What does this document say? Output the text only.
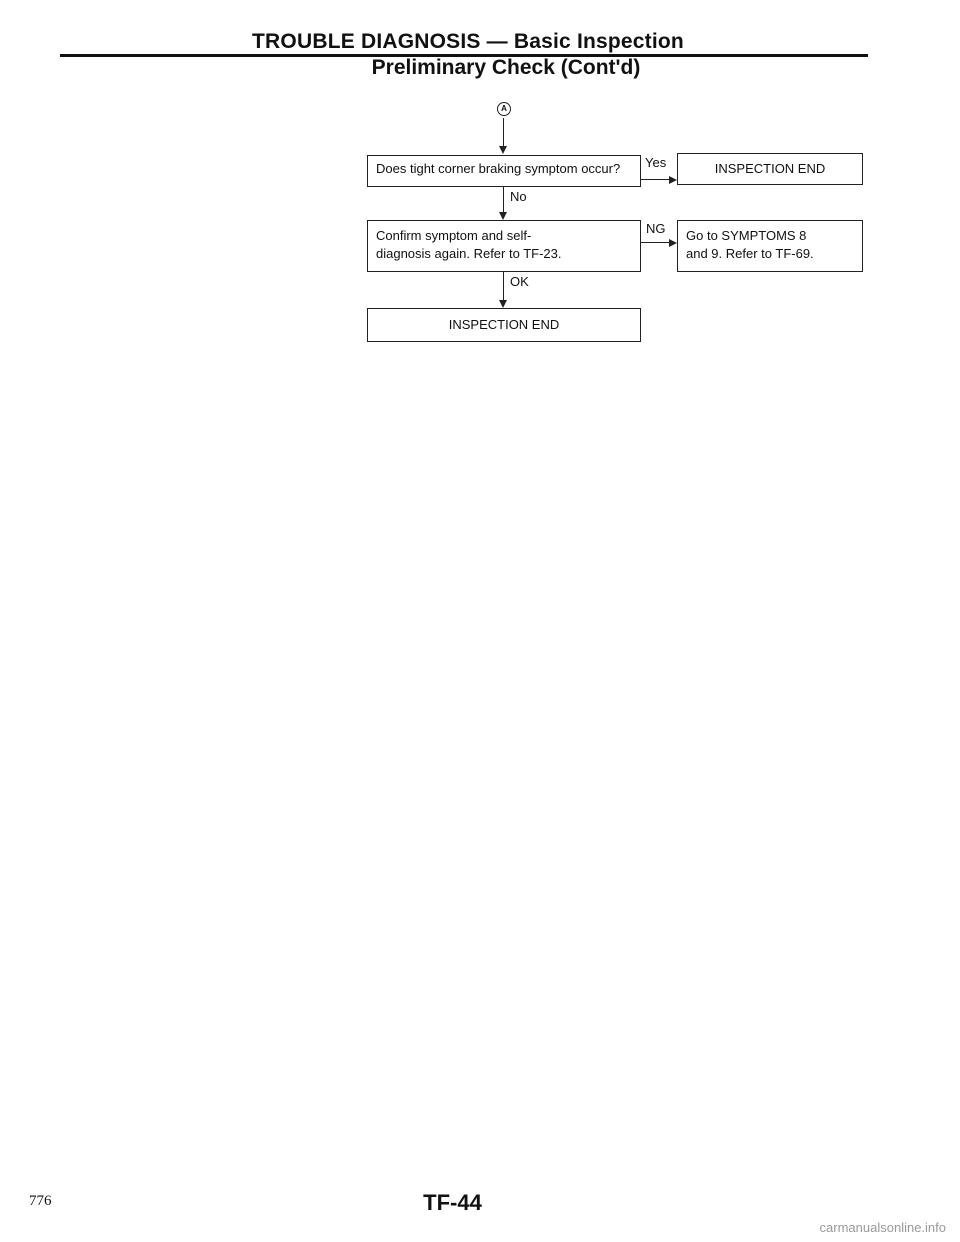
TROUBLE DIAGNOSIS — Basic Inspection
Preliminary Check (Cont'd)
A
Does tight corner braking symptom occur?	Yes	INSPECTION END
No
Confirm symptom and self-diagnosis again. Refer to TF-23.
NG	Go to SYMPTOMS 8 and 9. Refer to TF-69.
OK
INSPECTION END
776	TF-44
carmanualsonline.info
